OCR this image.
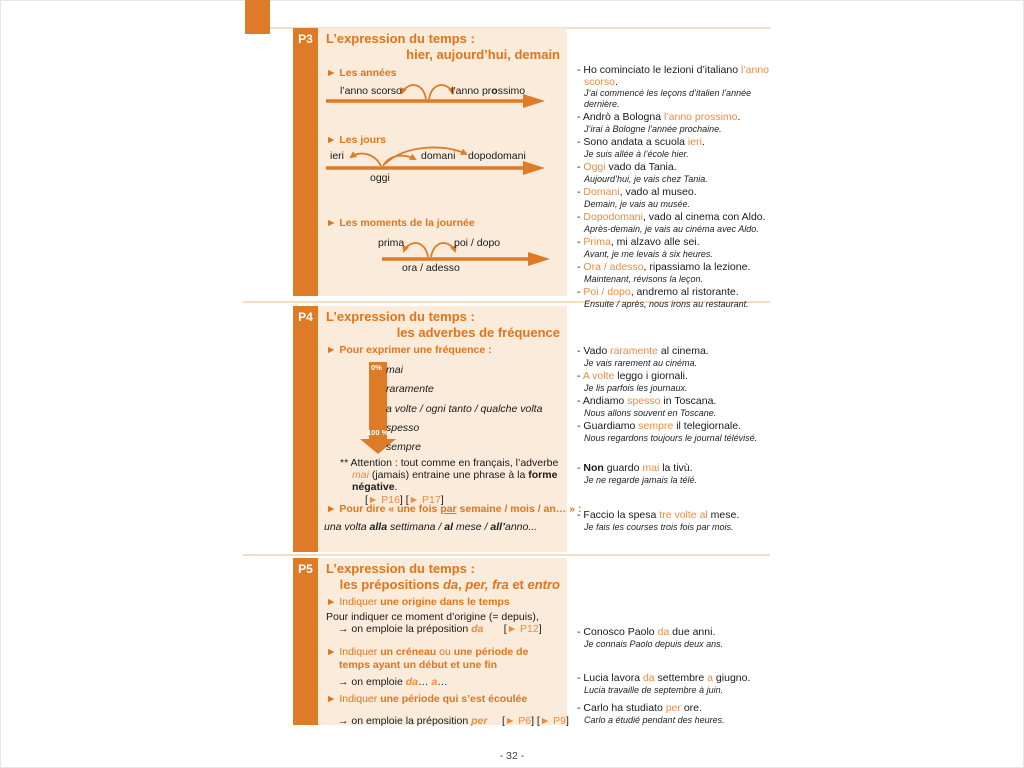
P3	L’expression du temps :
hier, aujourd’hui, demain
► Les années
l’anno scorso	l’anno prossimo
► Les jours
ieri	domani dopodomani
oggi
► Les moments de la journée
prima	poi / dopo
ora / adesso
- Ho cominciato le lezioni d’italiano l’anno scorso.
J’ai commencé les leçons d’italien l’année dernière.
- Andrò a Bologna l’anno prossimo.
J’irai à Bologne l’année prochaine.
- Sono andata a scuola ieri.
Je suis allée à l’école hier.
- Oggi vado da Tania.
Aujourd’hui, je vais chez Tania.
- Domani, vado al museo.
Demain, je vais au musée.
- Dopodomani, vado al cinema con Aldo.
Après-demain, je vais au cinéma avec Aldo.
- Prima, mi alzavo alle sei.
Avant, je me levais à six heures.
- Ora / adesso, ripassiamo la lezione.
Maintenant, révisons la leçon.
- Poi / dopo, andremo al ristorante.
Ensuite / après, nous irons au restaurant.
P4	L’expression du temps :
les adverbes de fréquence
► Pour exprimer une fréquence :
0%
100 %
mai
raramente
a volte / ogni tanto / qualche volta
spesso
sempre
** Attention : tout comme en français, l’adverbe
mai (jamais) entraine une phrase à la forme
négative.
[► P16] [► P17]
► Pour dire « une fois par semaine / mois / an… » :
una volta alla settimana / al mese / all’anno...
- Vado raramente al cinema.
Je vais rarement au cinéma.
- A volte leggo i giornali.
Je lis parfois les journaux.
- Andiamo spesso in Toscana.
Nous allons souvent en Toscane.
- Guardiamo sempre il telegiornale.
Nous regardons toujours le journal télévisé.
- Non guardo mai la tivù.
Je ne regarde jamais la télé.
- Faccio la spesa tre volte al mese.
Je fais les courses trois fois par mois.
P5	L’expression du temps :
les prépositions da, per, fra et entro
► Indiquer une origine dans le temps
Pour indiquer ce moment d’origine (= depuis),
→ on emploie la préposition da       [► P12]
► Indiquer un créneau ou une période de temps ayant un début et une fin
→ on emploie da… a…
► Indiquer une période qui s’est écoulée
→ on emploie la préposition per     [► P6] [► P9]
- Conosco Paolo da due anni.
Je connais Paolo depuis deux ans.
- Lucia lavora da settembre a giugno.
Lucia travaille de septembre à juin.
- Carlo ha studiato per ore.
Carlo a étudié pendant des heures.
- 32 -
